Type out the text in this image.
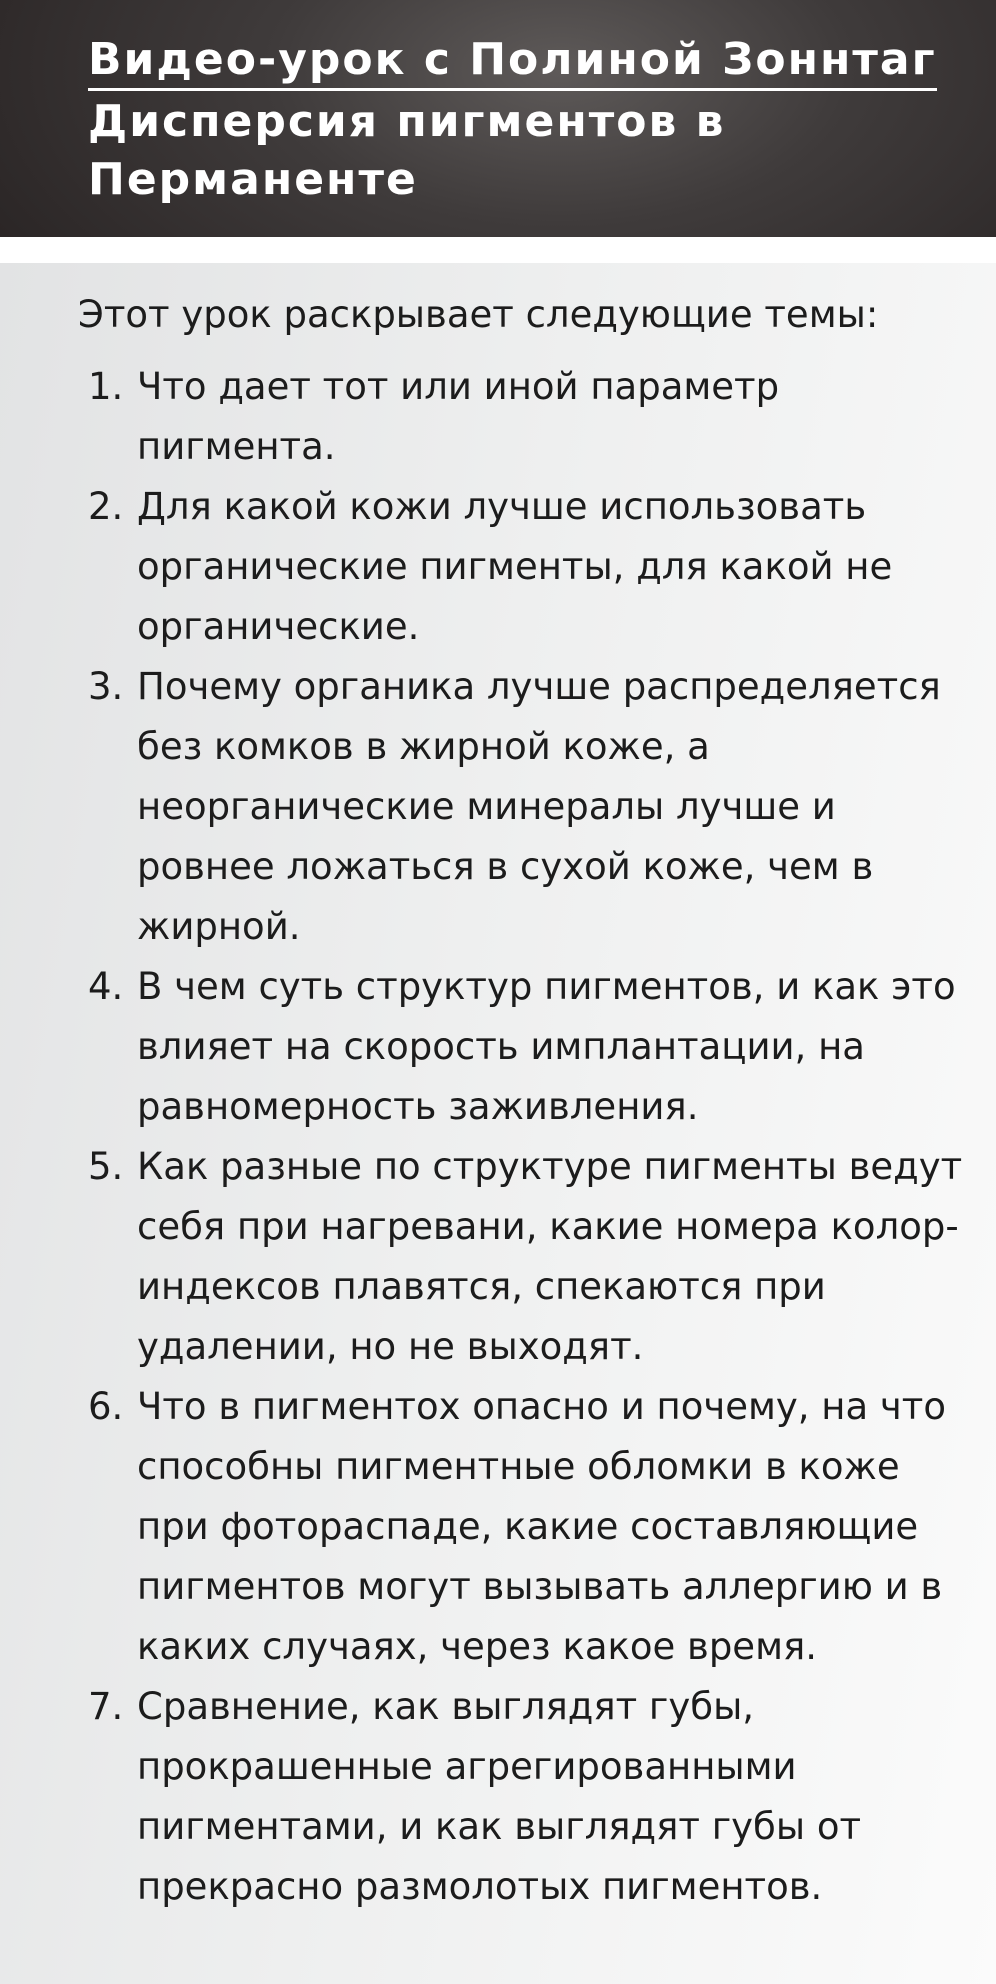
Видео-урок с Полиной Зоннтаг
Дисперсия пигментов в
Перманенте

Этот урок раскрывает следующие темы:

1. Что дает тот или иной параметр пигмента.
2. Для какой кожи лучше использовать органические пигменты, для какой не органические.
3. Почему органика лучше распределяется без комков в жирной коже, а неорганические минералы лучше и ровнее ложаться в сухой коже, чем в жирной.
4. В чем суть структур пигментов, и как это влияет на скорость имплантации, на равномерность заживления.
5. Как разные по структуре пигменты ведут себя при нагревани, какие номера колор-индексов плавятся, спекаются при удалении, но не выходят.
6. Что в пигментох опасно и почему, на что способны пигментные обломки в коже при фотораспаде, какие составляющие пигментов могут вызывать аллергию и в каких случаях, через какое время.
7. Сравнение, как выглядят губы, прокрашенные агрегированными пигментами, и как выглядят губы от прекрасно размолотых пигментов.
